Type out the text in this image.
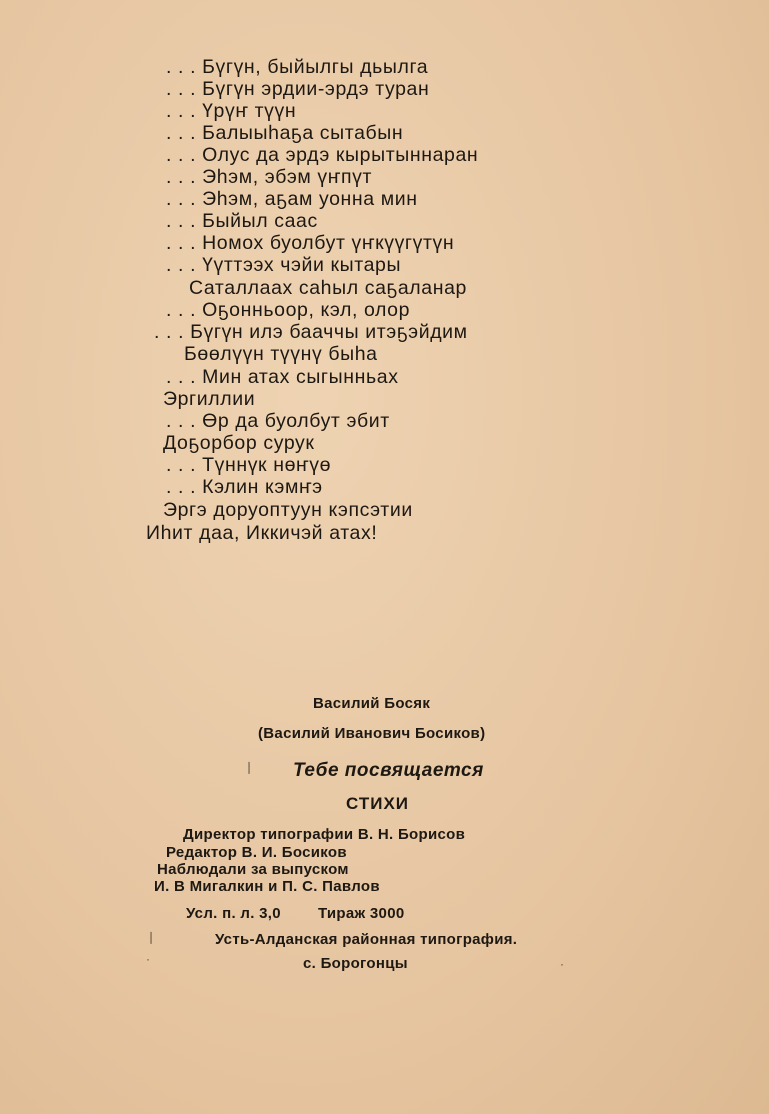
. . . Бүгүн, быйылгы дьылга
. . . Бүгүн эрдии-эрдэ туран
. . . Үрүҥ түүн
. . . Балыыһаҕа сытабын
. . . Олус да эрдэ кырытыннаран
. . . Эһэм, эбэм үҥпүт
. . . Эһэм, аҕам уонна мин
. . . Быйыл саас
. . . Номох буолбут үҥкүүгүтүн
. . . Үүттээх чэйи кытары
Саталлаах саһыл саҕаланар
. . . Оҕонньоор, кэл, олор
. . . Бүгүн илэ бааччы итэҕэйдим
Бөөлүүн түүнү быһа
. . . Мин атах сыгынньах
Эргиллии
. . . Өр да буолбут эбит
Доҕорбор сурук
. . . Түннүк нөҥүө
. . . Кэлин кэмҥэ
Эргэ доруоптуун кэпсэтии
Иһит даа, Иккичэй атах!
Василий Босяк
(Василий Иванович Босиков)
Тебе посвящается
СТИХИ
Директор типографии В. Н. Борисов
Редактор В. И. Босиков
Наблюдали за выпуском
И. В Мигалкин и П. С. Павлов
Усл. п. л. 3,0 Тираж 3000
Усть-Алданская районная типография.
с. Борогонцы
❘
❘
·	·
